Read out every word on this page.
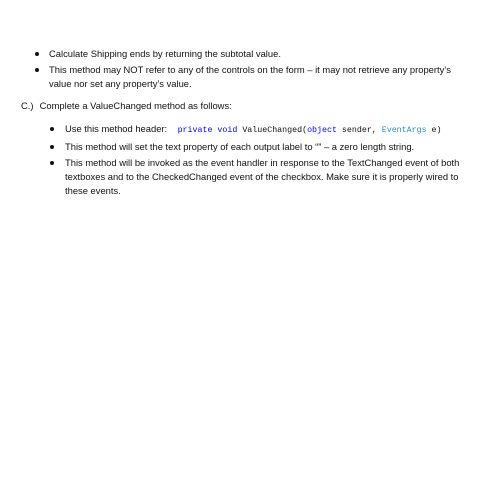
Calculate Shipping ends by returning the subtotal value.
This method may NOT refer to any of the controls on the form – it may not retrieve any property’s value nor set any property’s value.
C.) Complete a ValueChanged method as follows:
Use this method header: private void ValueChanged(object sender, EventArgs e)
This method will set the text property of each output label to “” – a zero length string.
This method will be invoked as the event handler in response to the TextChanged event of both textboxes and to the CheckedChanged event of the checkbox. Make sure it is properly wired to these events.
